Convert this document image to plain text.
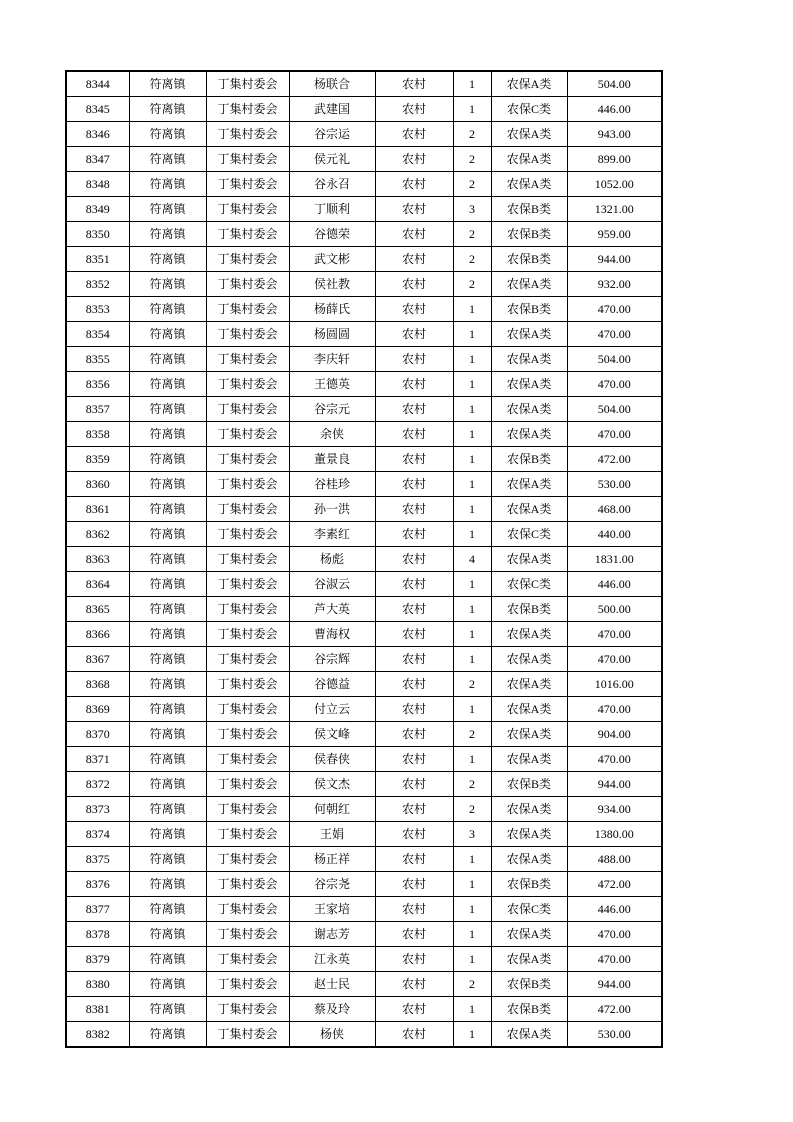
8344	符离镇	丁集村委会	杨联合	农村	1	农保A类	504.00
8345	符离镇	丁集村委会	武建国	农村	1	农保C类	446.00
8346	符离镇	丁集村委会	谷宗运	农村	2	农保A类	943.00
8347	符离镇	丁集村委会	侯元礼	农村	2	农保A类	899.00
8348	符离镇	丁集村委会	谷永召	农村	2	农保A类	1052.00
8349	符离镇	丁集村委会	丁顺利	农村	3	农保B类	1321.00
8350	符离镇	丁集村委会	谷德荣	农村	2	农保B类	959.00
8351	符离镇	丁集村委会	武文彬	农村	2	农保B类	944.00
8352	符离镇	丁集村委会	侯社教	农村	2	农保A类	932.00
8353	符离镇	丁集村委会	杨薛氏	农村	1	农保B类	470.00
8354	符离镇	丁集村委会	杨圆圆	农村	1	农保A类	470.00
8355	符离镇	丁集村委会	李庆轩	农村	1	农保A类	504.00
8356	符离镇	丁集村委会	王德英	农村	1	农保A类	470.00
8357	符离镇	丁集村委会	谷宗元	农村	1	农保A类	504.00
8358	符离镇	丁集村委会	余侠	农村	1	农保A类	470.00
8359	符离镇	丁集村委会	董景良	农村	1	农保B类	472.00
8360	符离镇	丁集村委会	谷桂珍	农村	1	农保A类	530.00
8361	符离镇	丁集村委会	孙一洪	农村	1	农保A类	468.00
8362	符离镇	丁集村委会	李素红	农村	1	农保C类	440.00
8363	符离镇	丁集村委会	杨彪	农村	4	农保A类	1831.00
8364	符离镇	丁集村委会	谷淑云	农村	1	农保C类	446.00
8365	符离镇	丁集村委会	芦大英	农村	1	农保B类	500.00
8366	符离镇	丁集村委会	曹海权	农村	1	农保A类	470.00
8367	符离镇	丁集村委会	谷宗辉	农村	1	农保A类	470.00
8368	符离镇	丁集村委会	谷德益	农村	2	农保A类	1016.00
8369	符离镇	丁集村委会	付立云	农村	1	农保A类	470.00
8370	符离镇	丁集村委会	侯文峰	农村	2	农保A类	904.00
8371	符离镇	丁集村委会	侯春侠	农村	1	农保A类	470.00
8372	符离镇	丁集村委会	侯文杰	农村	2	农保B类	944.00
8373	符离镇	丁集村委会	何朝红	农村	2	农保A类	934.00
8374	符离镇	丁集村委会	王娟	农村	3	农保A类	1380.00
8375	符离镇	丁集村委会	杨正祥	农村	1	农保A类	488.00
8376	符离镇	丁集村委会	谷宗尧	农村	1	农保B类	472.00
8377	符离镇	丁集村委会	王家培	农村	1	农保C类	446.00
8378	符离镇	丁集村委会	谢志芳	农村	1	农保A类	470.00
8379	符离镇	丁集村委会	江永英	农村	1	农保A类	470.00
8380	符离镇	丁集村委会	赵士民	农村	2	农保B类	944.00
8381	符离镇	丁集村委会	蔡及玲	农村	1	农保B类	472.00
8382	符离镇	丁集村委会	杨侠	农村	1	农保A类	530.00
